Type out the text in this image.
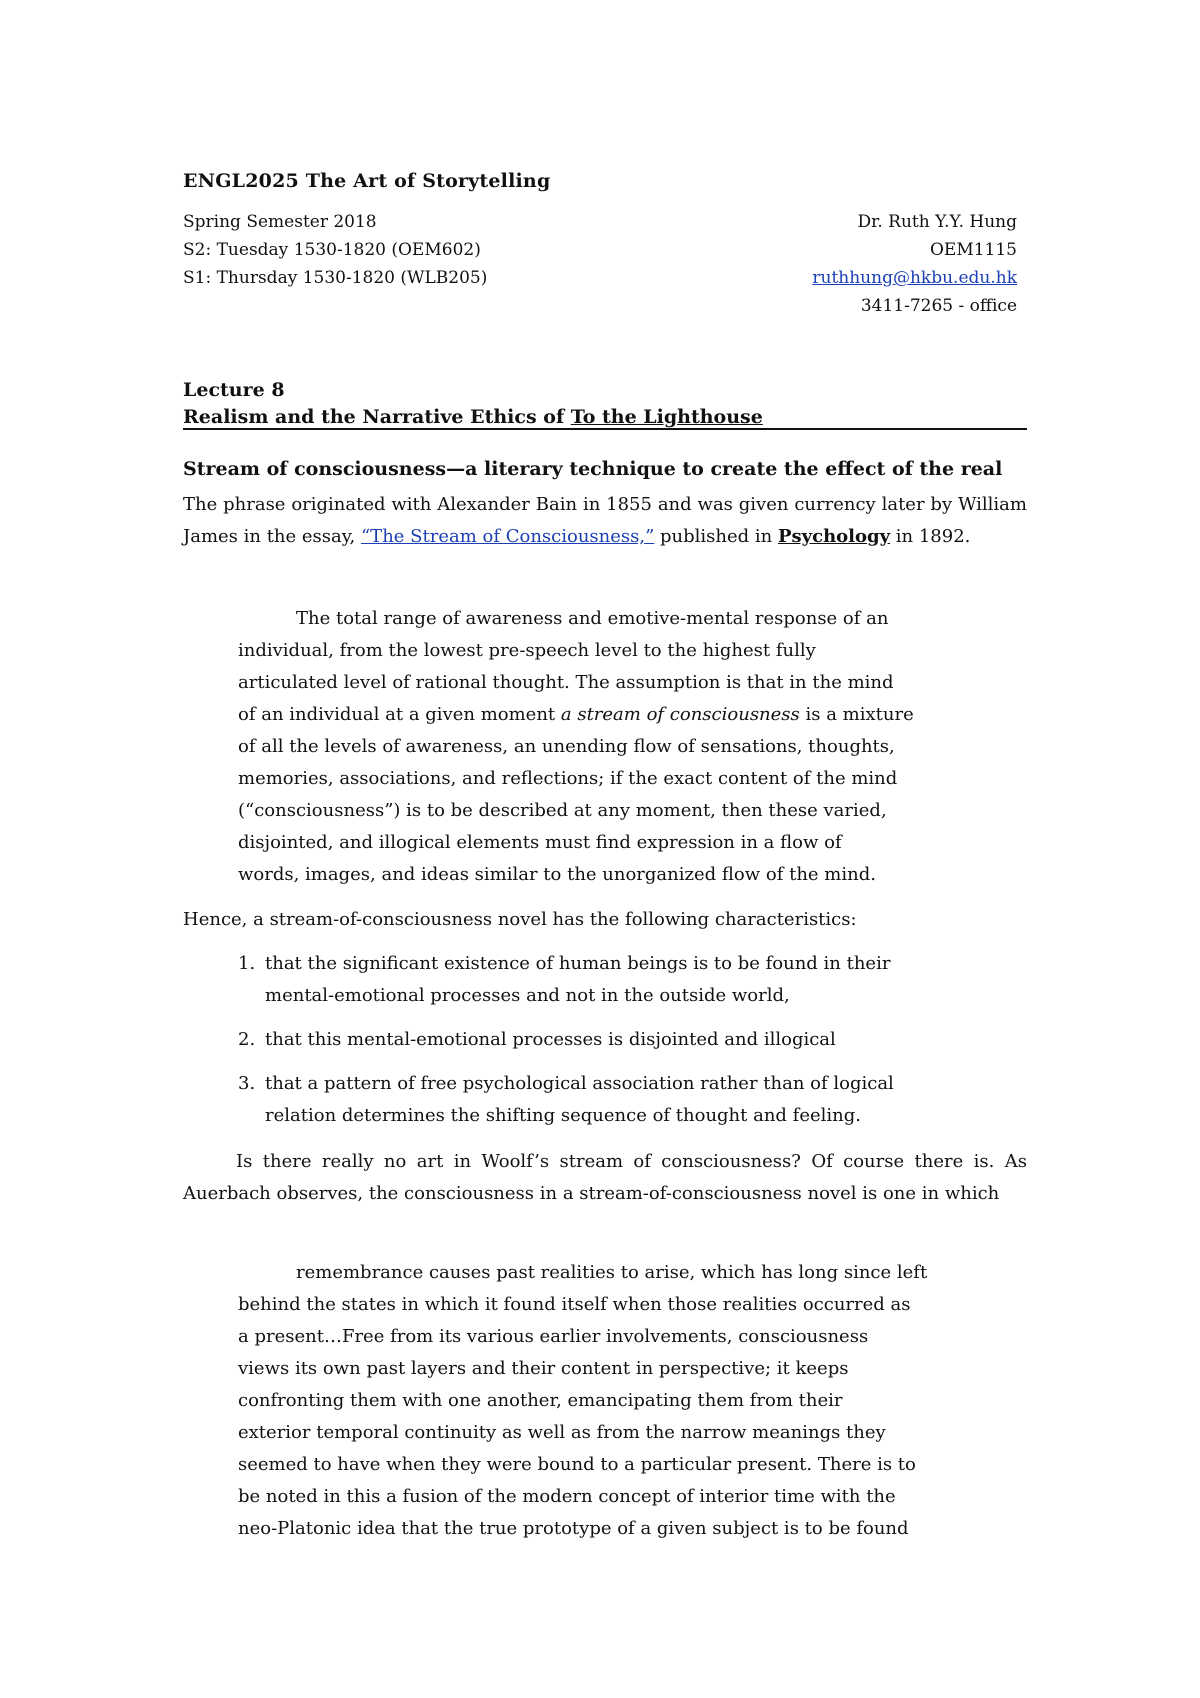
ENGL2025 The Art of Storytelling
Spring Semester 2018
S2: Tuesday 1530-1820 (OEM602)
S1: Thursday 1530-1820 (WLB205)
Dr. Ruth Y.Y. Hung
OEM1115
ruthhung@hkbu.edu.hk
3411-7265 - office
Lecture 8
Realism and the Narrative Ethics of To the Lighthouse
Stream of consciousness—a literary technique to create the effect of the real
The phrase originated with Alexander Bain in 1855 and was given currency later by William James in the essay, “The Stream of Consciousness,” published in Psychology in 1892.
The total range of awareness and emotive-mental response of an
individual, from the lowest pre-speech level to the highest fully
articulated level of rational thought. The assumption is that in the mind
of an individual at a given moment a stream of consciousness is a mixture
of all the levels of awareness, an unending flow of sensations, thoughts,
memories, associations, and reflections; if the exact content of the mind
(“consciousness”) is to be described at any moment, then these varied,
disjointed, and illogical elements must find expression in a flow of
words, images, and ideas similar to the unorganized flow of the mind.
Hence, a stream-of-consciousness novel has the following characteristics:
1. that the significant existence of human beings is to be found in their
mental-emotional processes and not in the outside world,
2. that this mental-emotional processes is disjointed and illogical
3. that a pattern of free psychological association rather than of logical
relation determines the shifting sequence of thought and feeling.
Is there really no art in Woolf’s stream of consciousness? Of course there is. As Auerbach observes, the consciousness in a stream-of-consciousness novel is one in which
remembrance causes past realities to arise, which has long since left
behind the states in which it found itself when those realities occurred as
a present…Free from its various earlier involvements, consciousness
views its own past layers and their content in perspective; it keeps
confronting them with one another, emancipating them from their
exterior temporal continuity as well as from the narrow meanings they
seemed to have when they were bound to a particular present. There is to
be noted in this a fusion of the modern concept of interior time with the
neo-Platonic idea that the true prototype of a given subject is to be found
